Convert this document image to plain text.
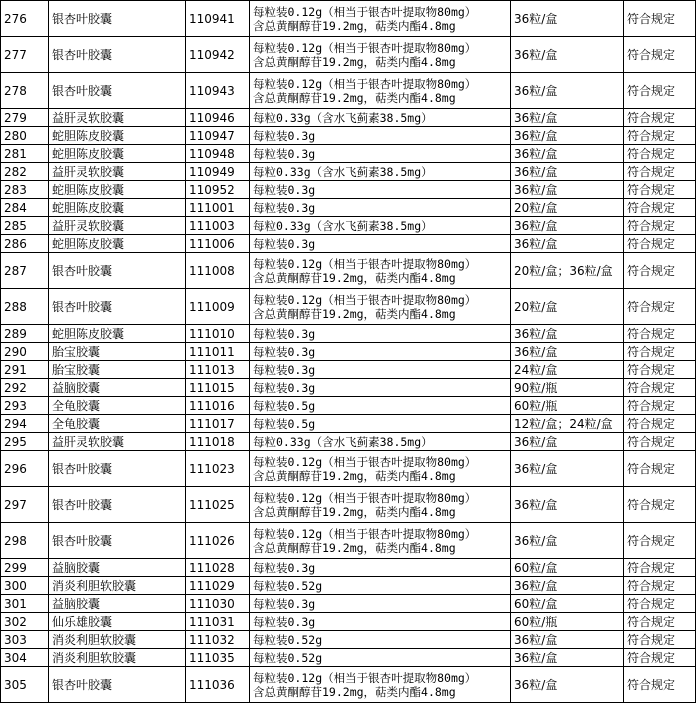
276	银杏叶胶囊	110941	每粒装0.12g（相当于银杏叶提取物80mg）
含总黄酮醇苷19.2mg，萜类内酯4.8mg	36粒/盒	符合规定
277	银杏叶胶囊	110942	每粒装0.12g（相当于银杏叶提取物80mg）
含总黄酮醇苷19.2mg，萜类内酯4.8mg	36粒/盒	符合规定
278	银杏叶胶囊	110943	每粒装0.12g（相当于银杏叶提取物80mg）
含总黄酮醇苷19.2mg，萜类内酯4.8mg	36粒/盒	符合规定
279	益肝灵软胶囊	110946	每粒0.33g（含水飞蓟素38.5mg）	36粒/盒	符合规定
280	蛇胆陈皮胶囊	110947	每粒装0.3g	36粒/盒	符合规定
281	蛇胆陈皮胶囊	110948	每粒装0.3g	36粒/盒	符合规定
282	益肝灵软胶囊	110949	每粒0.33g（含水飞蓟素38.5mg）	36粒/盒	符合规定
283	蛇胆陈皮胶囊	110952	每粒装0.3g	36粒/盒	符合规定
284	蛇胆陈皮胶囊	111001	每粒装0.3g	20粒/盒	符合规定
285	益肝灵软胶囊	111003	每粒0.33g（含水飞蓟素38.5mg）	36粒/盒	符合规定
286	蛇胆陈皮胶囊	111006	每粒装0.3g	36粒/盒	符合规定
287	银杏叶胶囊	111008	每粒装0.12g（相当于银杏叶提取物80mg）
含总黄酮醇苷19.2mg，萜类内酯4.8mg	20粒/盒；36粒/盒	符合规定
288	银杏叶胶囊	111009	每粒装0.12g（相当于银杏叶提取物80mg）
含总黄酮醇苷19.2mg，萜类内酯4.8mg	20粒/盒	符合规定
289	蛇胆陈皮胶囊	111010	每粒装0.3g	36粒/盒	符合规定
290	胎宝胶囊	111011	每粒装0.3g	36粒/盒	符合规定
291	胎宝胶囊	111013	每粒装0.3g	24粒/盒	符合规定
292	益脑胶囊	111015	每粒装0.3g	90粒/瓶	符合规定
293	全龟胶囊	111016	每粒装0.5g	60粒/瓶	符合规定
294	全龟胶囊	111017	每粒装0.5g	12粒/盒；24粒/盒	符合规定
295	益肝灵软胶囊	111018	每粒0.33g（含水飞蓟素38.5mg）	36粒/盒	符合规定
296	银杏叶胶囊	111023	每粒装0.12g（相当于银杏叶提取物80mg）
含总黄酮醇苷19.2mg，萜类内酯4.8mg	36粒/盒	符合规定
297	银杏叶胶囊	111025	每粒装0.12g（相当于银杏叶提取物80mg）
含总黄酮醇苷19.2mg，萜类内酯4.8mg	36粒/盒	符合规定
298	银杏叶胶囊	111026	每粒装0.12g（相当于银杏叶提取物80mg）
含总黄酮醇苷19.2mg，萜类内酯4.8mg	36粒/盒	符合规定
299	益脑胶囊	111028	每粒装0.3g	60粒/盒	符合规定
300	消炎利胆软胶囊	111029	每粒装0.52g	36粒/盒	符合规定
301	益脑胶囊	111030	每粒装0.3g	60粒/盒	符合规定
302	仙乐雄胶囊	111031	每粒装0.3g	60粒/瓶	符合规定
303	消炎利胆软胶囊	111032	每粒装0.52g	36粒/盒	符合规定
304	消炎利胆软胶囊	111035	每粒装0.52g	36粒/盒	符合规定
305	银杏叶胶囊	111036	每粒装0.12g（相当于银杏叶提取物80mg）
含总黄酮醇苷19.2mg，萜类内酯4.8mg	36粒/盒	符合规定
